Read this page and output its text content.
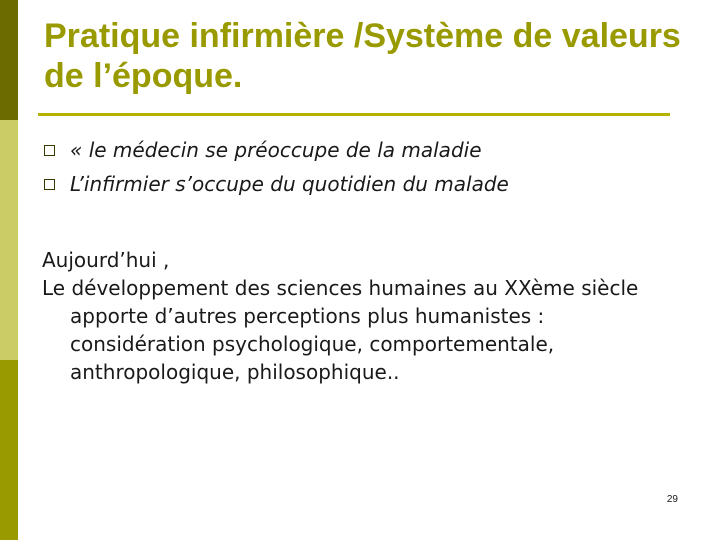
Pratique infirmière /Système de valeurs de l’époque.
« le médecin se préoccupe de la maladie
L’infirmier s’occupe du quotidien du malade

Aujourd’hui ,

Le développement des sciences humaines au XXème siècle apporte d’autres perceptions plus humanistes : considération psychologique, comportementale, anthropologique, philosophique..

29
